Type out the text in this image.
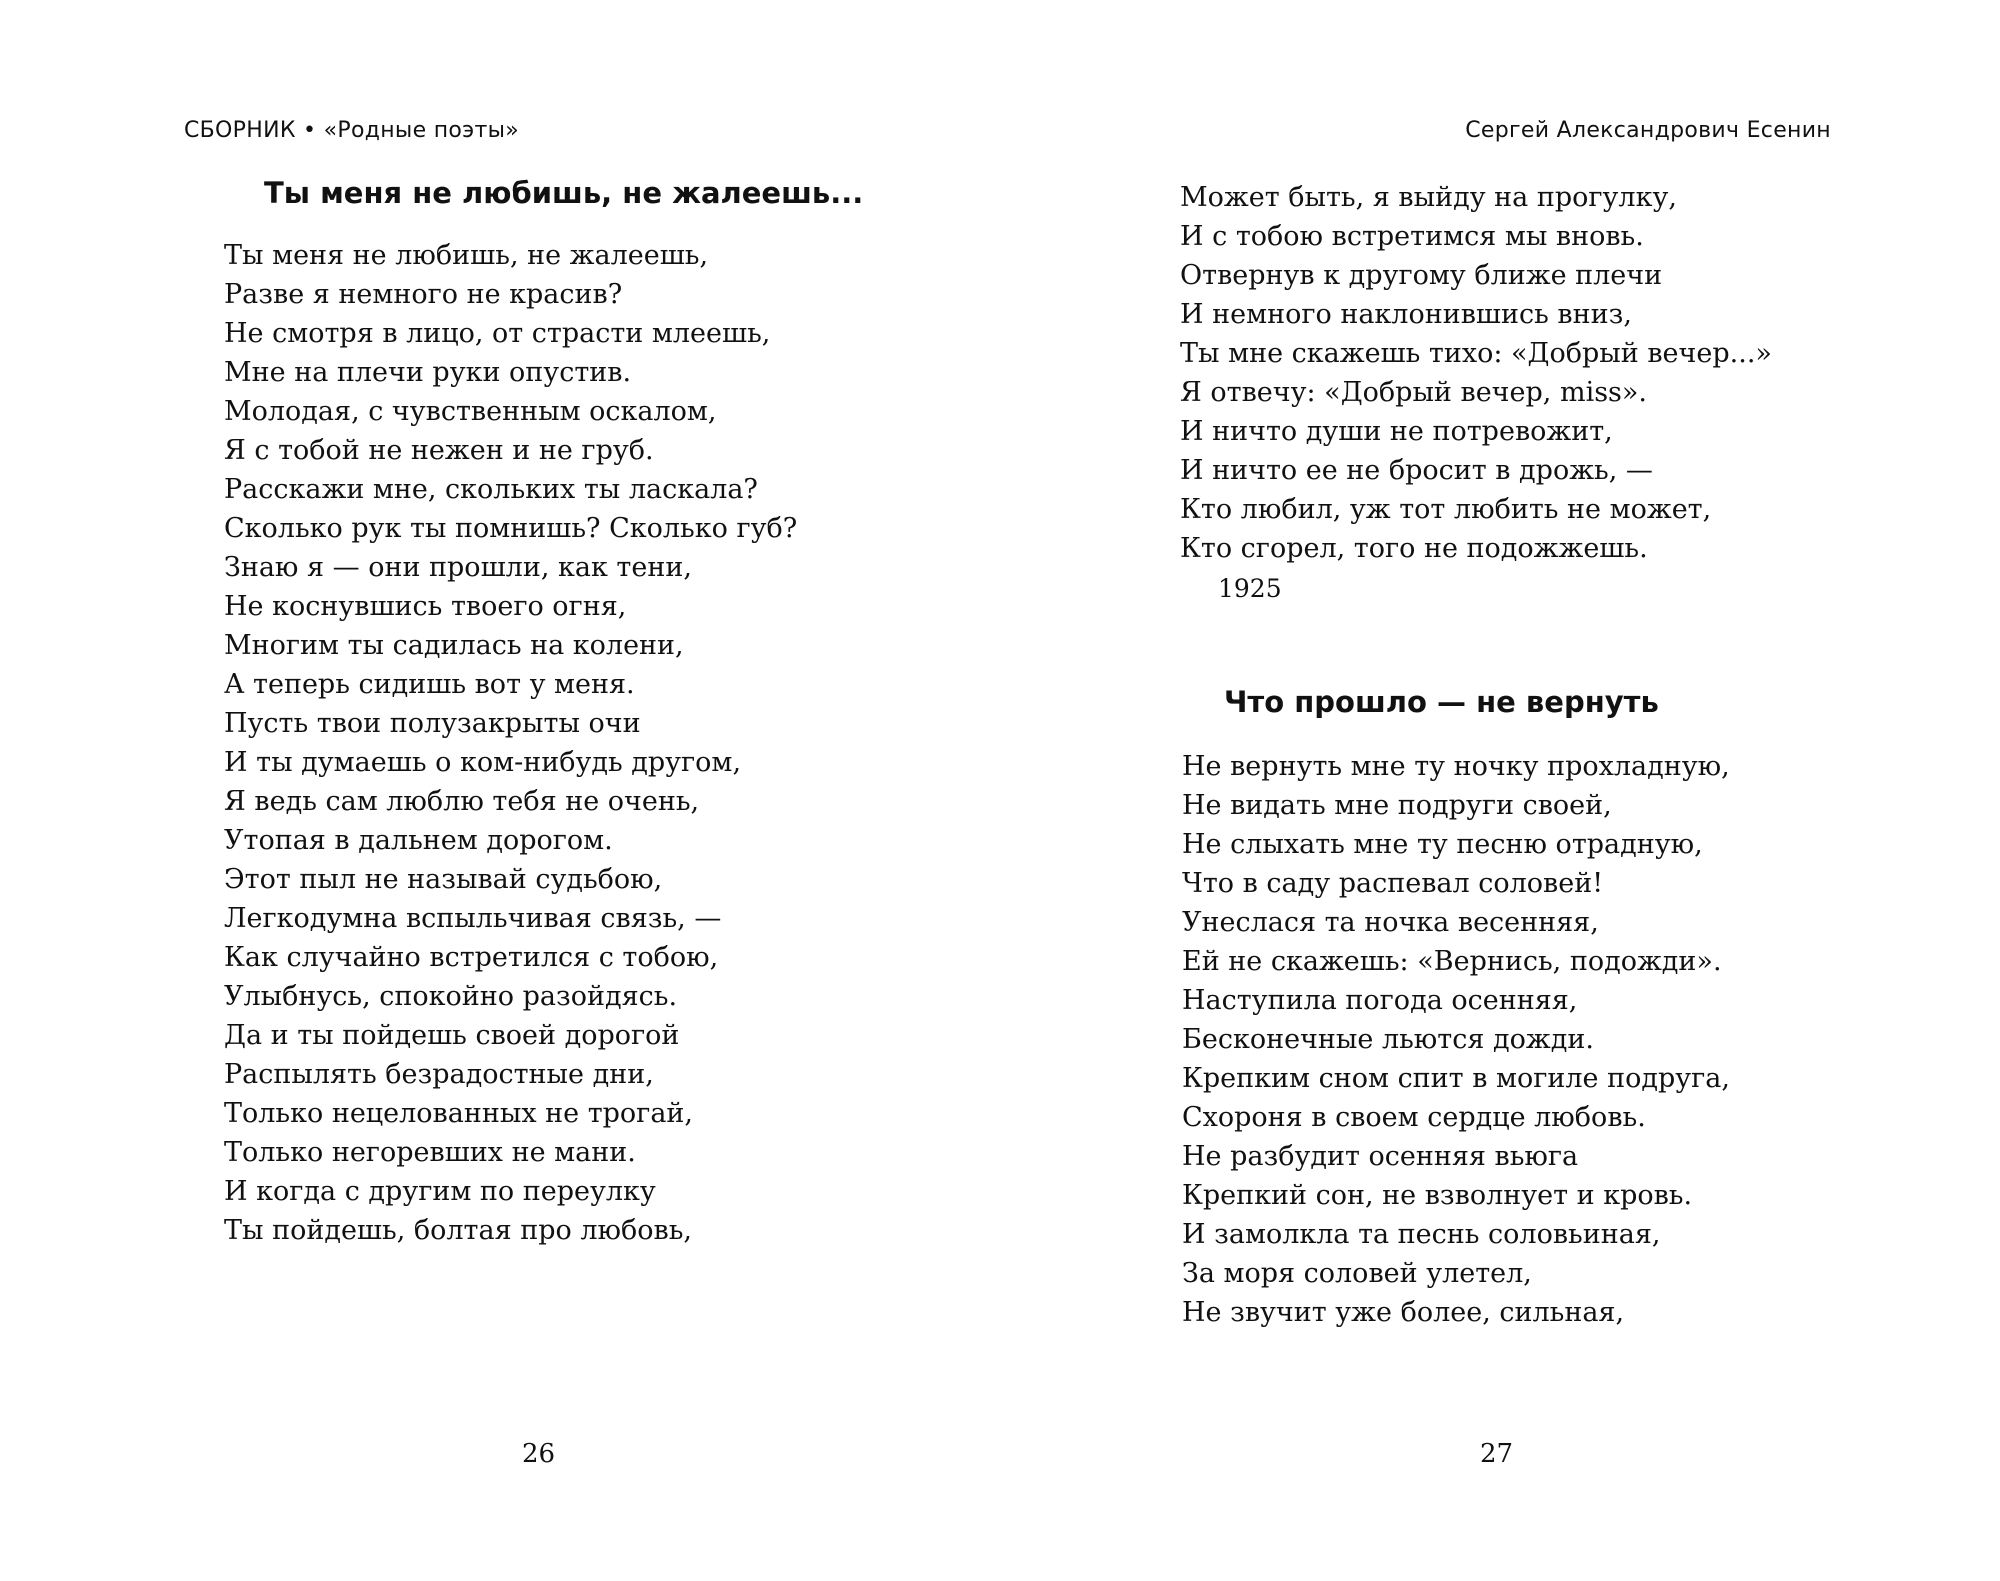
СБОРНИК • «Родные поэты»
Ты меня не любишь, не жалеешь...
Ты меня не любишь, не жалеешь,
Разве я немного не красив?
Не смотря в лицо, от страсти млеешь,
Мне на плечи руки опустив.
Молодая, с чувственным оскалом,
Я с тобой не нежен и не груб.
Расскажи мне, скольких ты ласкала?
Сколько рук ты помнишь? Сколько губ?
Знаю я — они прошли, как тени,
Не коснувшись твоего огня,
Многим ты садилась на колени,
А теперь сидишь вот у меня.
Пусть твои полузакрыты очи
И ты думаешь о ком-нибудь другом,
Я ведь сам люблю тебя не очень,
Утопая в дальнем дорогом.
Этот пыл не называй судьбою,
Легкодумна вспыльчивая связь, —
Как случайно встретился с тобою,
Улыбнусь, спокойно разойдясь.
Да и ты пойдешь своей дорогой
Распылять безрадостные дни,
Только нецелованных не трогай,
Только негоревших не мани.
И когда с другим по переулку
Ты пойдешь, болтая про любовь,
26
Сергей Александрович Есенин
Может быть, я выйду на прогулку,
И с тобою встретимся мы вновь.
Отвернув к другому ближе плечи
И немного наклонившись вниз,
Ты мне скажешь тихо: «Добрый вечер...»
Я отвечу: «Добрый вечер, miss».
И ничто души не потревожит,
И ничто ее не бросит в дрожь, —
Кто любил, уж тот любить не может,
Кто сгорел, того не подожжешь.
1925
Что прошло — не вернуть
Не вернуть мне ту ночку прохладную,
Не видать мне подруги своей,
Не слыхать мне ту песню отрадную,
Что в саду распевал соловей!
Унеслася та ночка весенняя,
Ей не скажешь: «Вернись, подожди».
Наступила погода осенняя,
Бесконечные льются дожди.
Крепким сном спит в могиле подруга,
Схороня в своем сердце любовь.
Не разбудит осенняя вьюга
Крепкий сон, не взволнует и кровь.
И замолкла та песнь соловьиная,
За моря соловей улетел,
Не звучит уже более, сильная,
27
